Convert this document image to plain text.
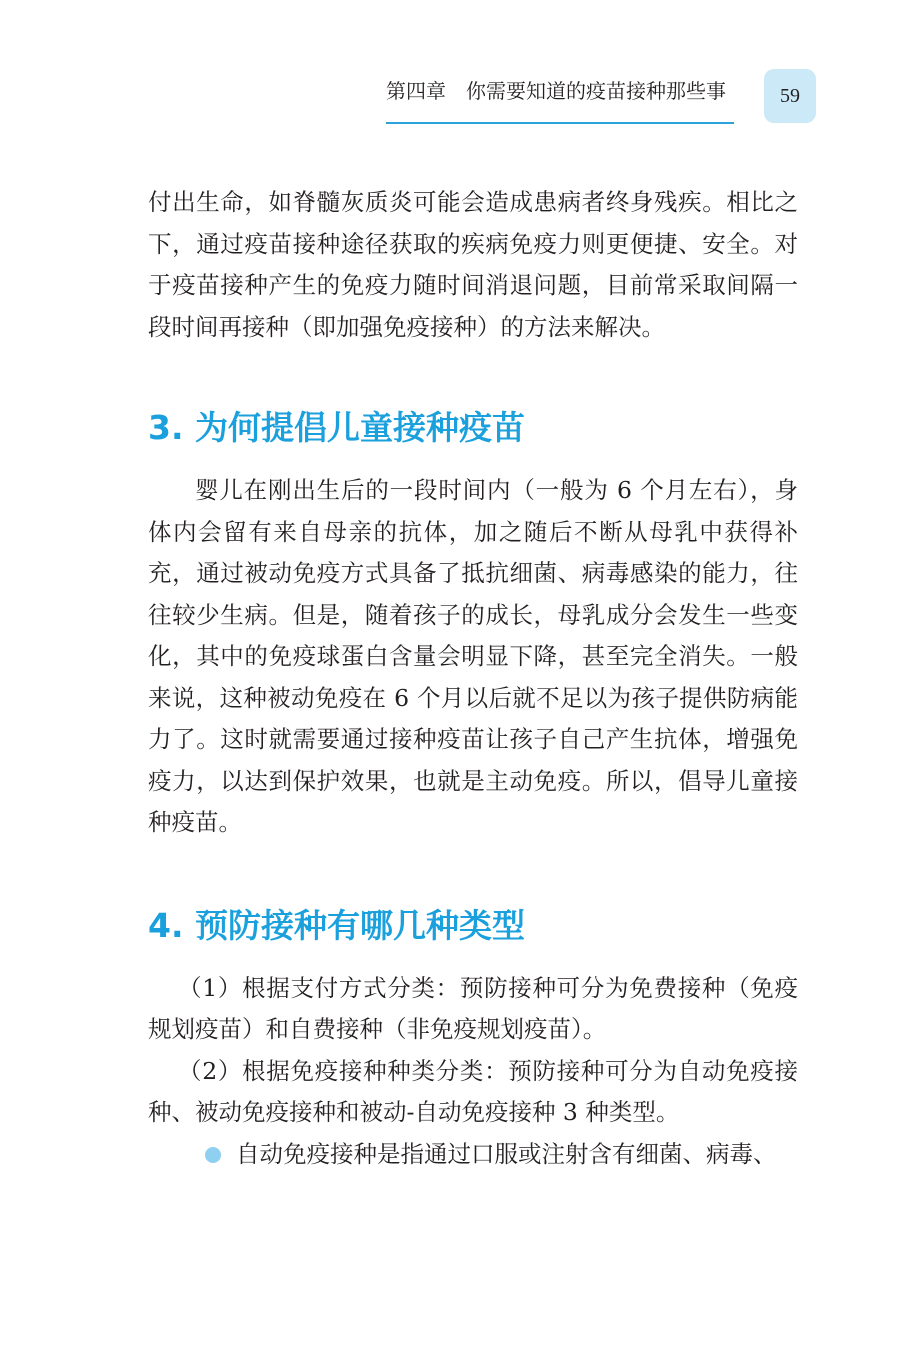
第四章　你需要知道的疫苗接种那些事	59

付出生命，如脊髓灰质炎可能会造成患病者终身残疾。相比之下，通过疫苗接种途径获取的疾病免疫力则更便捷、安全。对于疫苗接种产生的免疫力随时间消退问题，目前常采取间隔一段时间再接种（即加强免疫接种）的方法来解决。

3. 为何提倡儿童接种疫苗

婴儿在刚出生后的一段时间内（一般为 6 个月左右），身体内会留有来自母亲的抗体，加之随后不断从母乳中获得补充，通过被动免疫方式具备了抵抗细菌、病毒感染的能力，往往较少生病。但是，随着孩子的成长，母乳成分会发生一些变化，其中的免疫球蛋白含量会明显下降，甚至完全消失。一般来说，这种被动免疫在 6 个月以后就不足以为孩子提供防病能力了。这时就需要通过接种疫苗让孩子自己产生抗体，增强免疫力，以达到保护效果，也就是主动免疫。所以，倡导儿童接种疫苗。

4. 预防接种有哪几种类型

（1）根据支付方式分类：预防接种可分为免费接种（免疫规划疫苗）和自费接种（非免疫规划疫苗）。

（2）根据免疫接种种类分类：预防接种可分为自动免疫接种、被动免疫接种和被动-自动免疫接种 3 种类型。

自动免疫接种是指通过口服或注射含有细菌、病毒、
